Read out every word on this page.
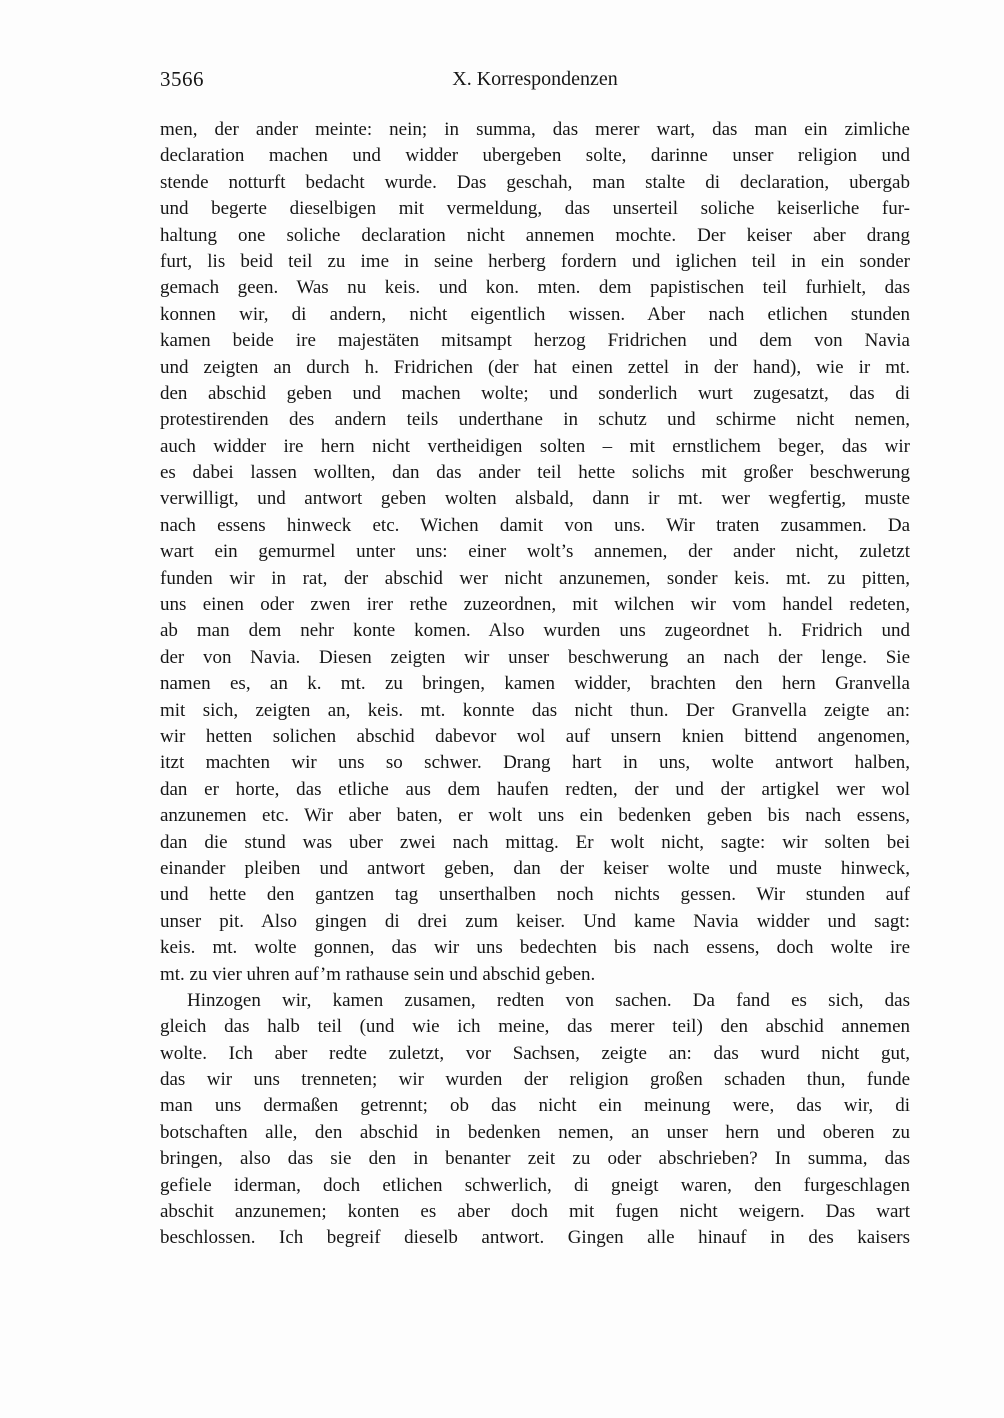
3566	X. Korrespondenzen
men, der ander meinte: nein; in summa, das merer wart, das man ein zimliche
declaration machen und widder ubergeben solte, darinne unser religion und
stende notturft bedacht wurde. Das geschah, man stalte di declaration, ubergab
und begerte dieselbigen mit vermeldung, das unserteil soliche keiserliche fur-
haltung one soliche declaration nicht annemen mochte. Der keiser aber drang
furt, lis beid teil zu ime in seine herberg fordern und iglichen teil in ein sonder
gemach geen. Was nu keis. und kon. mten. dem papistischen teil furhielt, das
konnen wir, di andern, nicht eigentlich wissen. Aber nach etlichen stunden
kamen beide ire majestäten mitsampt herzog Fridrichen und dem von Navia
und zeigten an durch h. Fridrichen (der hat einen zettel in der hand), wie ir mt.
den abschid geben und machen wolte; und sonderlich wurt zugesatzt, das di
protestirenden des andern teils underthane in schutz und schirme nicht nemen,
auch widder ire hern nicht vertheidigen solten – mit ernstlichem beger, das wir
es dabei lassen wollten, dan das ander teil hette solichs mit großer beschwerung
verwilligt, und antwort geben wolten alsbald, dann ir mt. wer wegfertig, muste
nach essens hinweck etc. Wichen damit von uns. Wir traten zusammen. Da
wart ein gemurmel unter uns: einer wolt’s annemen, der ander nicht, zuletzt
funden wir in rat, der abschid wer nicht anzunemen, sonder keis. mt. zu pitten,
uns einen oder zwen irer rethe zuzeordnen, mit wilchen wir vom handel redeten,
ab man dem nehr konte komen. Also wurden uns zugeordnet h. Fridrich und
der von Navia. Diesen zeigten wir unser beschwerung an nach der lenge. Sie
namen es, an k. mt. zu bringen, kamen widder, brachten den hern Granvella
mit sich, zeigten an, keis. mt. konnte das nicht thun. Der Granvella zeigte an:
wir hetten solichen abschid dabevor wol auf unsern knien bittend angenomen,
itzt machten wir uns so schwer. Drang hart in uns, wolte antwort halben,
dan er horte, das etliche aus dem haufen redten, der und der artigkel wer wol
anzunemen etc. Wir aber baten, er wolt uns ein bedenken geben bis nach essens,
dan die stund was uber zwei nach mittag. Er wolt nicht, sagte: wir solten bei
einander pleiben und antwort geben, dan der keiser wolte und muste hinweck,
und hette den gantzen tag unserthalben noch nichts gessen. Wir stunden auf
unser pit. Also gingen di drei zum keiser. Und kame Navia widder und sagt:
keis. mt. wolte gonnen, das wir uns bedechten bis nach essens, doch wolte ire
mt. zu vier uhren auf’m rathause sein und abschid geben.
Hinzogen wir, kamen zusamen, redten von sachen. Da fand es sich, das
gleich das halb teil (und wie ich meine, das merer teil) den abschid annemen
wolte. Ich aber redte zuletzt, vor Sachsen, zeigte an: das wurd nicht gut,
das wir uns trenneten; wir wurden der religion großen schaden thun, funde
man uns dermaßen getrennt; ob das nicht ein meinung were, das wir, di
botschaften alle, den abschid in bedenken nemen, an unser hern und oberen zu
bringen, also das sie den in benanter zeit zu oder abschrieben? In summa, das
gefiele iderman, doch etlichen schwerlich, di gneigt waren, den furgeschlagen
abschit anzunemen; konten es aber doch mit fugen nicht weigern. Das wart
beschlossen. Ich begreif dieselb antwort. Gingen alle hinauf in des kaisers
